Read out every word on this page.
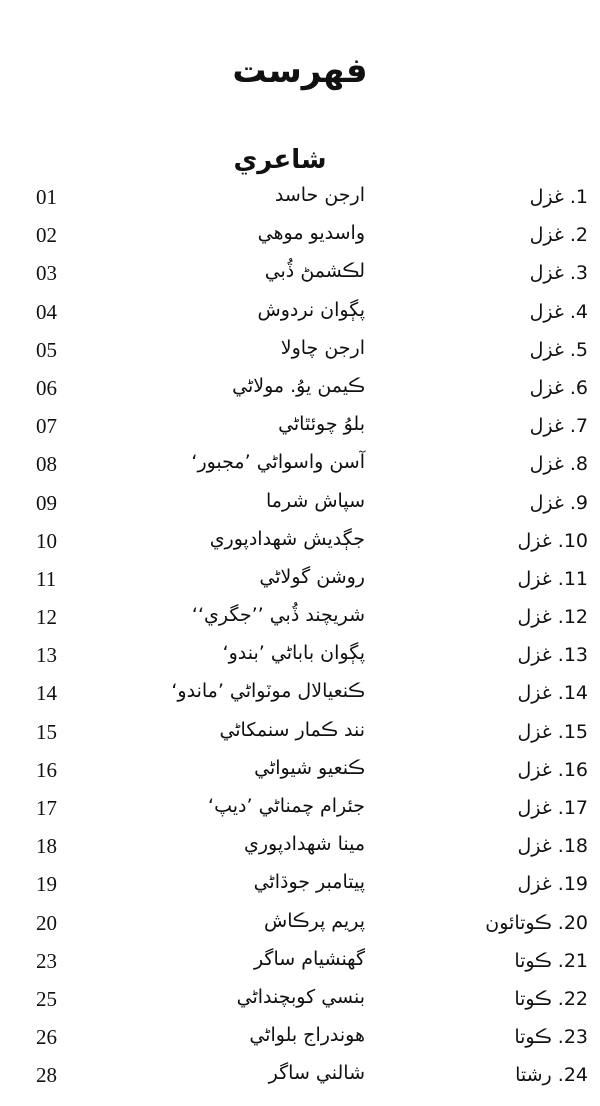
فهرست
شاعري
1. غزل
ارجن حاسد
01
2. غزل
واسديو موهي
02
3. غزل
لڪشمڻ ڏُبي
03
4. غزل
پڳوان نردوش
04
5. غزل
ارجن چاولا
05
6. غزل
ڪيمن يوُ. مولاڻي
06
7. غزل
بلوُ چوئٿاڻي
07
8. غزل
آسن واسواڻي ’مجبور‘
08
9. غزل
سپاش شرما
09
10. غزل
جڳديش شهدادپوري
10
11. غزل
روشن گولاڻي
11
12. غزل
شريچند ڏُبي ’’جگري‘‘
12
13. غزل
پڳوان باباڻي ’بندو‘
13
14. غزل
ڪنعيالال موٽواڻي ’ماندو‘
14
15. غزل
نند ڪمار سنمکاڻي
15
16. غزل
ڪنعيو شيواڻي
16
17. غزل
جئرام چمناڻي ’ديپ‘
17
18. غزل
مينا شهدادپوري
18
19. غزل
پيتامبر جوڌاڻي
19
20. ڪوتائون
پريم پرڪاش
20
21. ڪوتا
گهنشيام ساگر
23
22. ڪوتا
بنسي کوبچنداڻي
25
23. ڪوتا
هوندراج بلواڻي
26
24. رشتا
شالني ساگر
28
